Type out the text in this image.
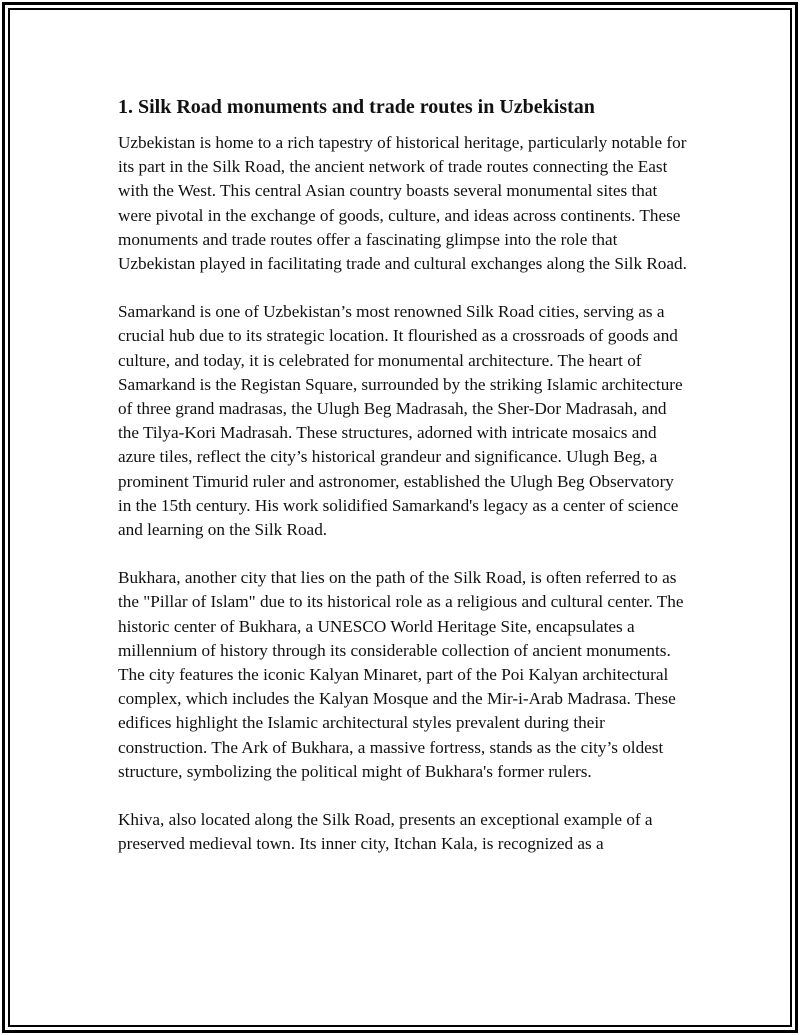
1. Silk Road monuments and trade routes in Uzbekistan

Uzbekistan is home to a rich tapestry of historical heritage, particularly notable for its part in the Silk Road, the ancient network of trade routes connecting the East with the West. This central Asian country boasts several monumental sites that were pivotal in the exchange of goods, culture, and ideas across continents. These monuments and trade routes offer a fascinating glimpse into the role that Uzbekistan played in facilitating trade and cultural exchanges along the Silk Road.

Samarkand is one of Uzbekistan’s most renowned Silk Road cities, serving as a crucial hub due to its strategic location. It flourished as a crossroads of goods and culture, and today, it is celebrated for monumental architecture. The heart of Samarkand is the Registan Square, surrounded by the striking Islamic architecture of three grand madrasas, the Ulugh Beg Madrasah, the Sher-Dor Madrasah, and the Tilya-Kori Madrasah. These structures, adorned with intricate mosaics and azure tiles, reflect the city’s historical grandeur and significance. Ulugh Beg, a prominent Timurid ruler and astronomer, established the Ulugh Beg Observatory in the 15th century. His work solidified Samarkand's legacy as a center of science and learning on the Silk Road.

Bukhara, another city that lies on the path of the Silk Road, is often referred to as the "Pillar of Islam" due to its historical role as a religious and cultural center. The historic center of Bukhara, a UNESCO World Heritage Site, encapsulates a millennium of history through its considerable collection of ancient monuments. The city features the iconic Kalyan Minaret, part of the Poi Kalyan architectural complex, which includes the Kalyan Mosque and the Mir-i-Arab Madrasa. These edifices highlight the Islamic architectural styles prevalent during their construction. The Ark of Bukhara, a massive fortress, stands as the city’s oldest structure, symbolizing the political might of Bukhara's former rulers.

Khiva, also located along the Silk Road, presents an exceptional example of a preserved medieval town. Its inner city, Itchan Kala, is recognized as a
